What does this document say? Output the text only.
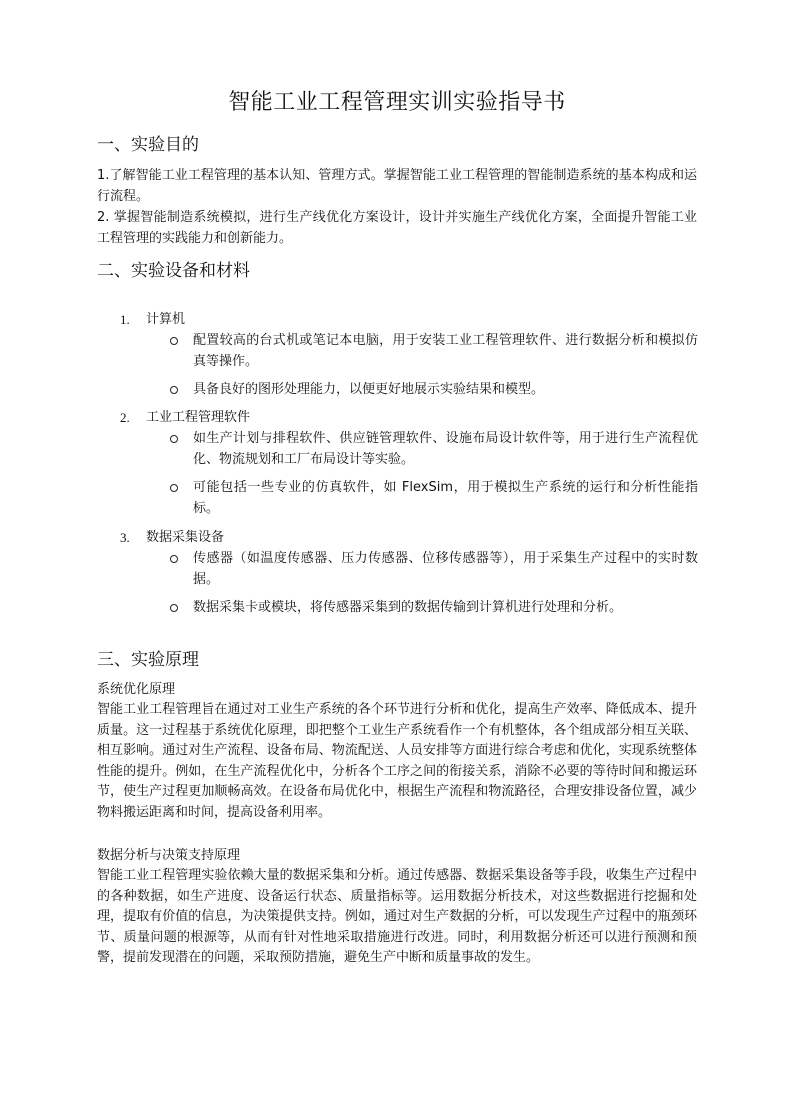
智能工业工程管理实训实验指导书
一、实验目的

1.了解智能工业工程管理的基本认知、管理方式。掌握智能工业工程管理的智能制造系统的基本构成和运行流程。

2. 掌握智能制造系统模拟，进行生产线优化方案设计，设计并实施生产线优化方案，全面提升智能工业工程管理的实践能力和创新能力。

二、实验设备和材料
1. 计算机

配置较高的台式机或笔记本电脑，用于安装工业工程管理软件、进行数据分析和模拟仿真等操作。

具备良好的图形处理能力，以便更好地展示实验结果和模型。

2. 工业工程管理软件

如生产计划与排程软件、供应链管理软件、设施布局设计软件等，用于进行生产流程优化、物流规划和工厂布局设计等实验。

可能包括一些专业的仿真软件，如 FlexSim，用于模拟生产系统的运行和分析性能指标。

3. 数据采集设备

传感器（如温度传感器、压力传感器、位移传感器等），用于采集生产过程中的实时数据。

数据采集卡或模块，将传感器采集到的数据传输到计算机进行处理和分析。

三、实验原理

系统优化原理

智能工业工程管理旨在通过对工业生产系统的各个环节进行分析和优化，提高生产效率、降低成本、提升质量。这一过程基于系统优化原理，即把整个工业生产系统看作一个有机整体，各个组成部分相互关联、相互影响。通过对生产流程、设备布局、物流配送、人员安排等方面进行综合考虑和优化，实现系统整体性能的提升。例如，在生产流程优化中，分析各个工序之间的衔接关系，消除不必要的等待时间和搬运环节，使生产过程更加顺畅高效。在设备布局优化中，根据生产流程和物流路径，合理安排设备位置，减少物料搬运距离和时间，提高设备利用率。

数据分析与决策支持原理

智能工业工程管理实验依赖大量的数据采集和分析。通过传感器、数据采集设备等手段，收集生产过程中的各种数据，如生产进度、设备运行状态、质量指标等。运用数据分析技术，对这些数据进行挖掘和处理，提取有价值的信息，为决策提供支持。例如，通过对生产数据的分析，可以发现生产过程中的瓶颈环节、质量问题的根源等，从而有针对性地采取措施进行改进。同时，利用数据分析还可以进行预测和预警，提前发现潜在的问题，采取预防措施，避免生产中断和质量事故的发生。
